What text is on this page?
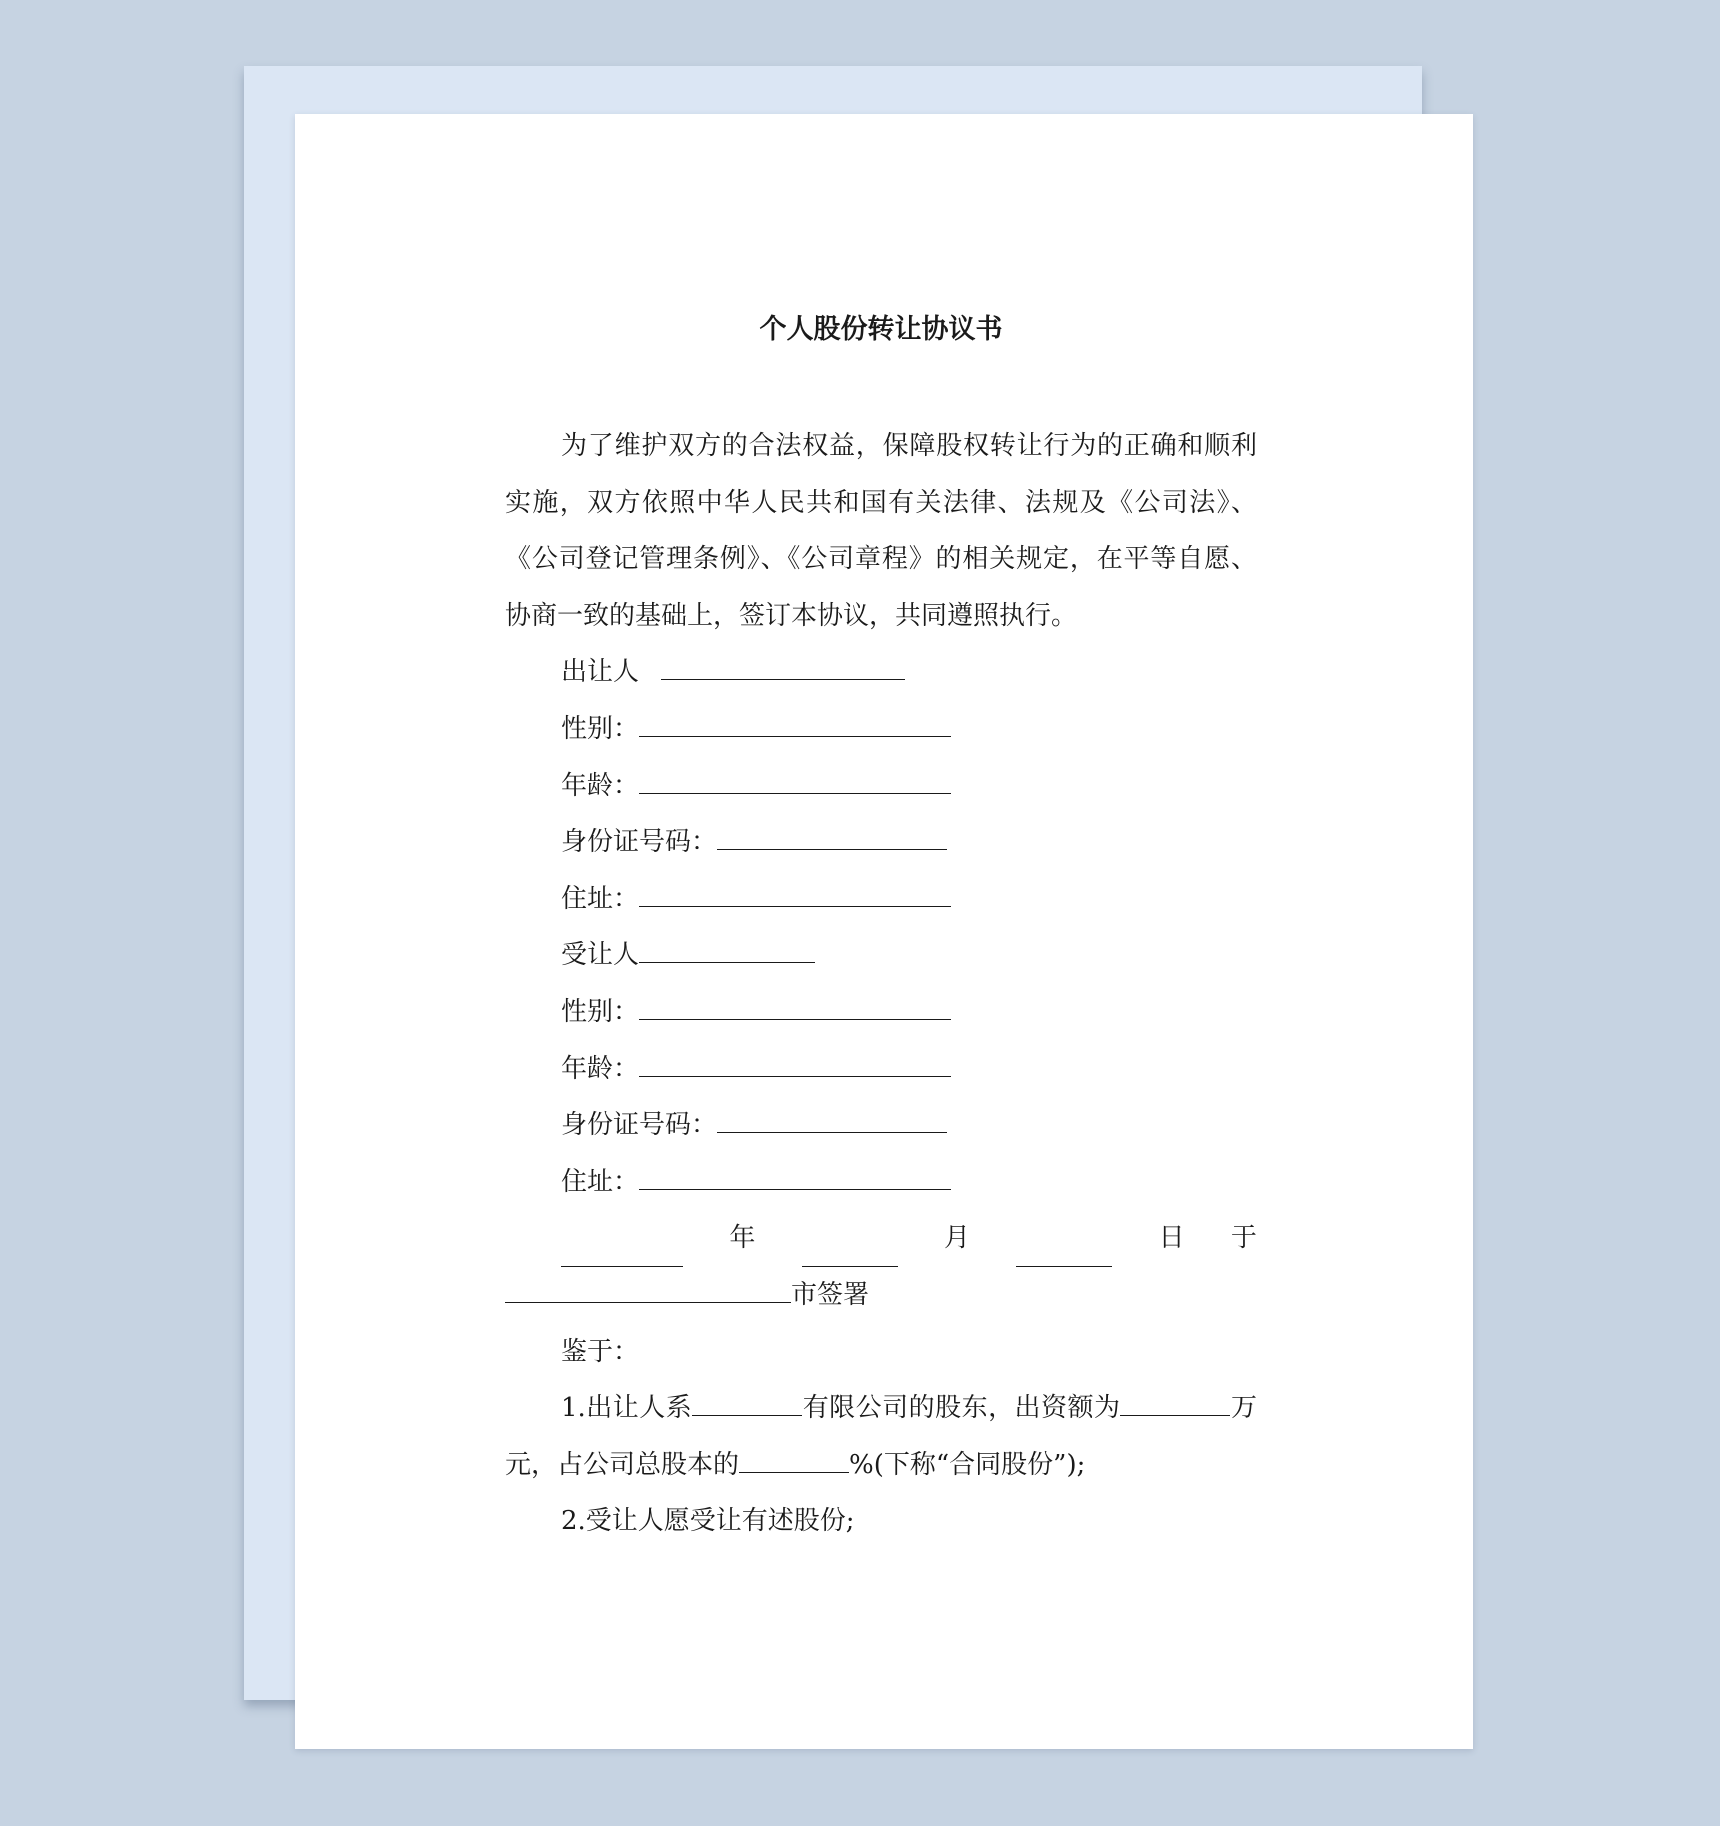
个人股份转让协议书

为了维护双方的合法权益，保障股权转让行为的正确和顺利实施，双方依照中华人民共和国有关法律、法规及《公司法》、《公司登记管理条例》、《公司章程》的相关规定，在平等自愿、协商一致的基础上，签订本协议，共同遵照执行。

出让人

性别：

年龄：

身份证号码：

住址：

受让人

性别：

年龄：

身份证号码：

住址：

年	月	日 于

市签署

鉴于：

1.出让人系	有限公司的股东，出资额为	万元，占公司总股本的	%(下称“合同股份”);

2.受让人愿受让有述股份;
